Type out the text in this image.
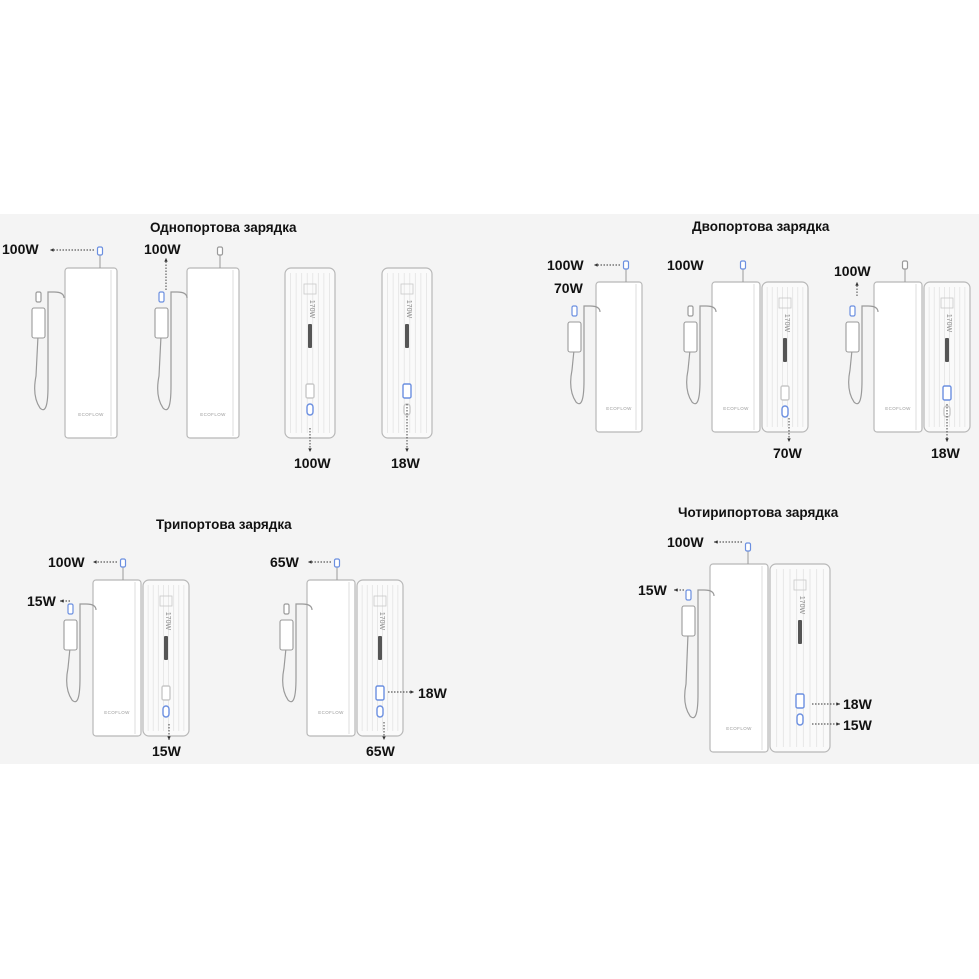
Однопортова зарядка	Двопортова зарядка
Трипортова зарядка
Чотирипортова зарядка
100W	100W
100W	18W
100W
70W
100W
70W
100W
18W
100W
15W
15W
65W
18W
65W
100W
15W
18W
15W
ECOFLOW	ECOFLOW
170W	170W
ECOFLOW	ECOFLOW
170W
ECOFLOW
170W
ECOFLOW
170W
ECOFLOW
170W
ECOFLOW
170W
